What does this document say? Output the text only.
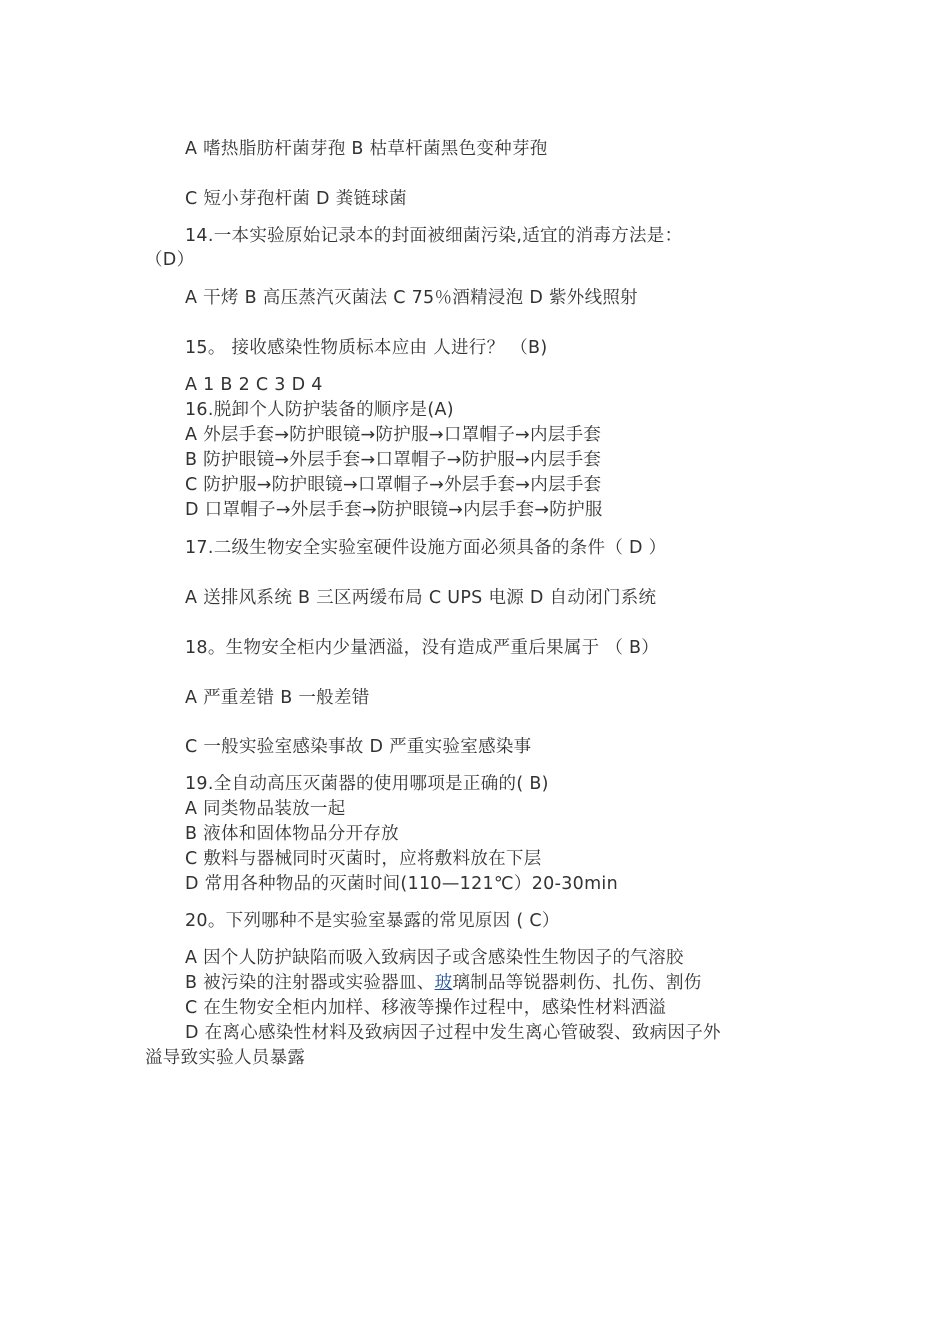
A 嗜热脂肪杆菌芽孢 B 枯草杆菌黑色变种芽孢
C 短小芽孢杆菌 D 粪链球菌
14.一本实验原始记录本的封面被细菌污染,适宜的消毒方法是：
（D）
A 干烤 B 高压蒸汽灭菌法 C 75％酒精浸泡 D 紫外线照射
15。 接收感染性物质标本应由 人进行？ （B)
A 1 B 2 C 3 D 4
16.脱卸个人防护装备的顺序是(A)
A 外层手套→防护眼镜→防护服→口罩帽子→内层手套
B 防护眼镜→外层手套→口罩帽子→防护服→内层手套
C 防护服→防护眼镜→口罩帽子→外层手套→内层手套
D 口罩帽子→外层手套→防护眼镜→内层手套→防护服
17.二级生物安全实验室硬件设施方面必须具备的条件（ D ）
A 送排风系统 B 三区两缓布局 C UPS 电源 D 自动闭门系统
18。生物安全柜内少量洒溢，没有造成严重后果属于 （ B）
A 严重差错 B 一般差错
C 一般实验室感染事故 D 严重实验室感染事
19.全自动高压灭菌器的使用哪项是正确的( B)
A 同类物品装放一起
B 液体和固体物品分开存放
C 敷料与器械同时灭菌时，应将敷料放在下层
D 常用各种物品的灭菌时间(110—121℃）20-30min
20。下列哪种不是实验室暴露的常见原因 ( C）
A 因个人防护缺陷而吸入致病因子或含感染性生物因子的气溶胶
B 被污染的注射器或实验器皿、玻璃制品等锐器刺伤、扎伤、割伤
C 在生物安全柜内加样、移液等操作过程中，感染性材料洒溢
D 在离心感染性材料及致病因子过程中发生离心管破裂、致病因子外
溢导致实验人员暴露
